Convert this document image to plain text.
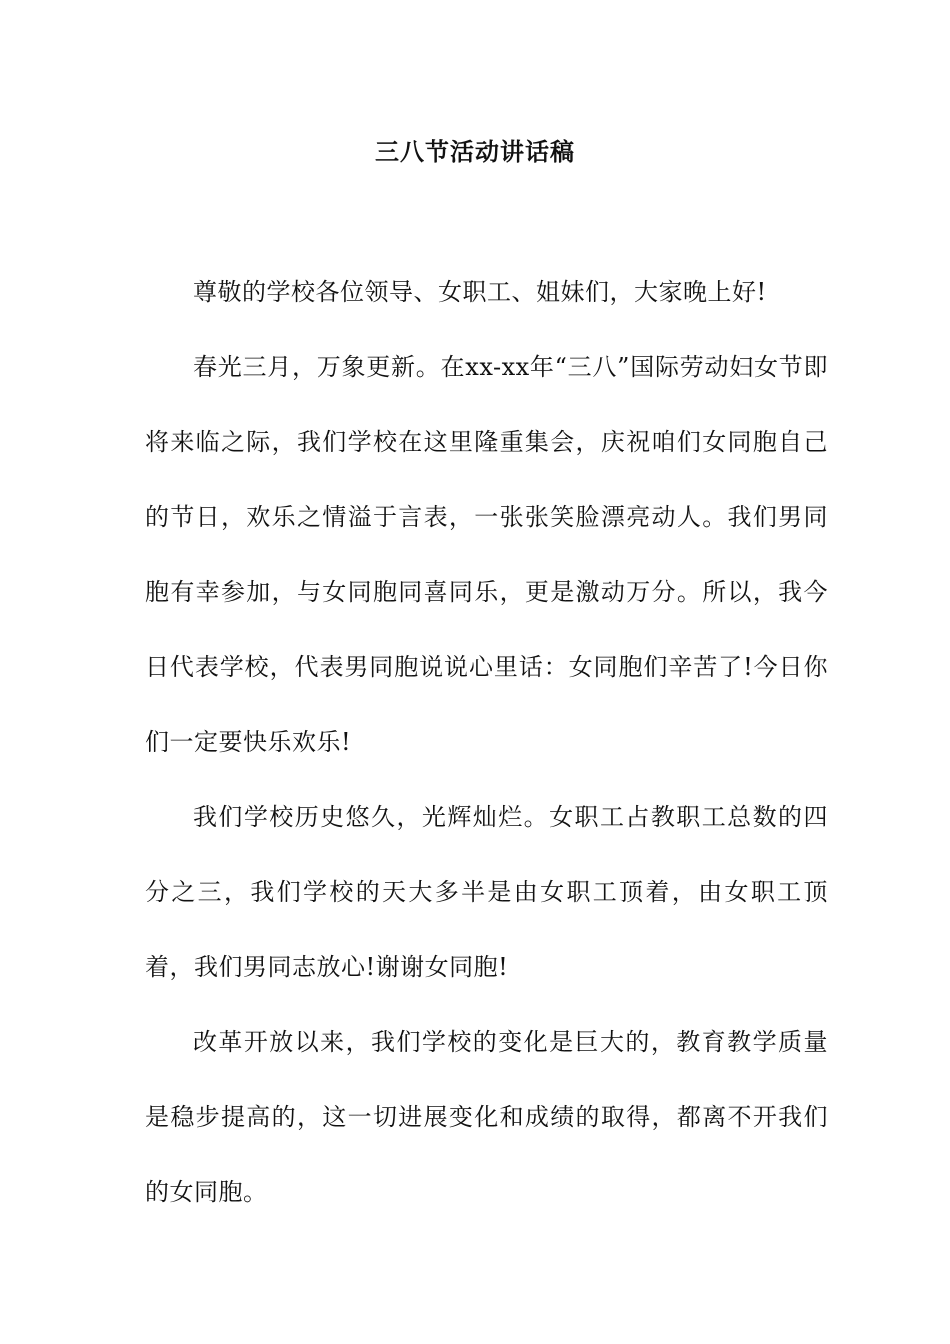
三八节活动讲话稿

尊敬的学校各位领导、女职工、姐妹们，大家晚上好!

春光三月，万象更新。在xx-xx年“三八”国际劳动妇女节即将来临之际，我们学校在这里隆重集会，庆祝咱们女同胞自己的节日，欢乐之情溢于言表，一张张笑脸漂亮动人。我们男同胞有幸参加，与女同胞同喜同乐，更是激动万分。所以，我今日代表学校，代表男同胞说说心里话：女同胞们辛苦了!今日你们一定要快乐欢乐!

我们学校历史悠久，光辉灿烂。女职工占教职工总数的四分之三，我们学校的天大多半是由女职工顶着，由女职工顶着，我们男同志放心!谢谢女同胞!

改革开放以来，我们学校的变化是巨大的，教育教学质量是稳步提高的，这一切进展变化和成绩的取得，都离不开我们的女同胞。
